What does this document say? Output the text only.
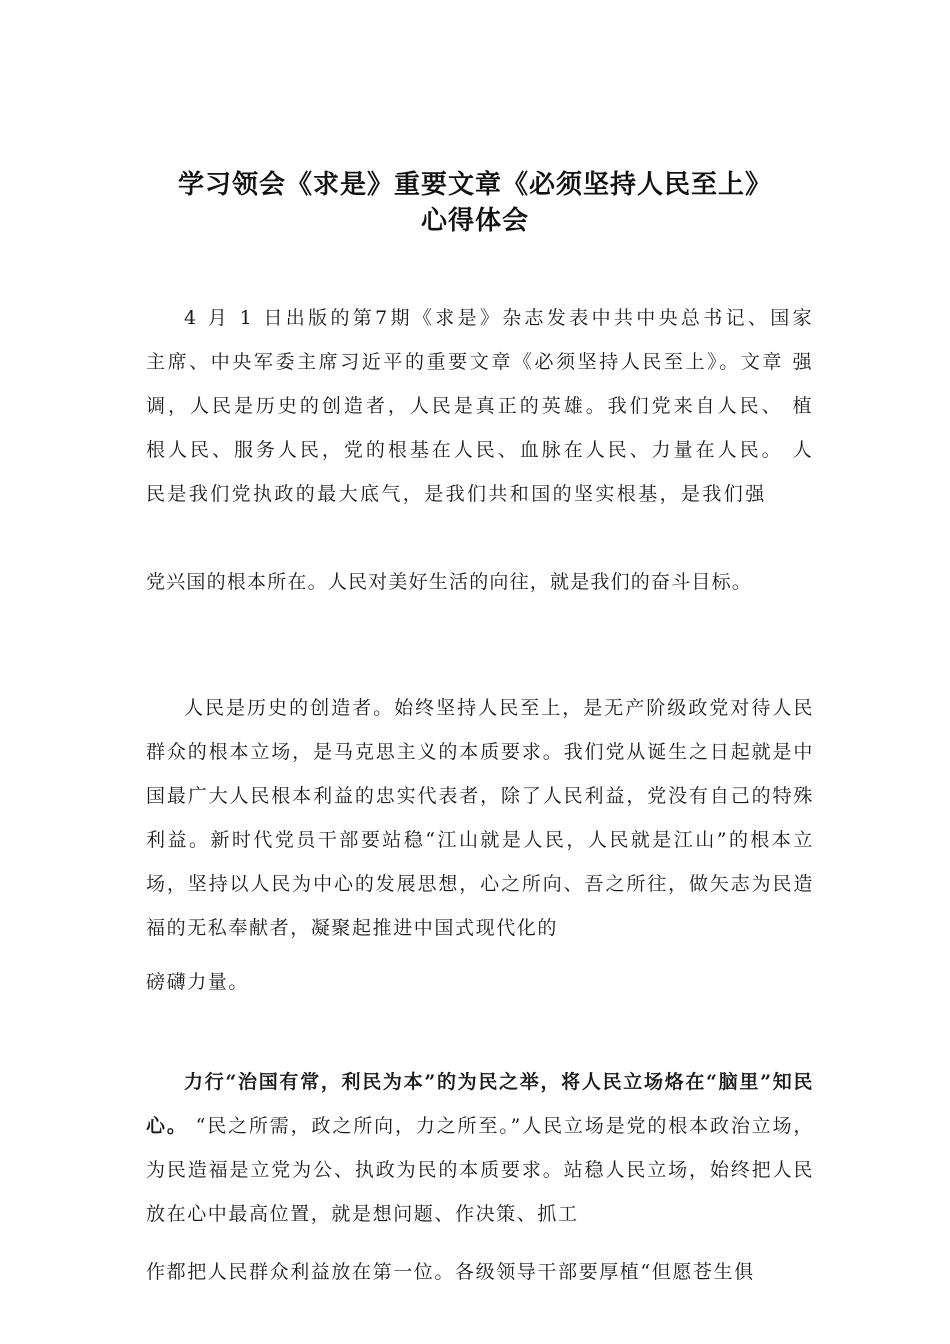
学习领会《求是》重要文章《必须坚持人民至上》
心得体会

4 月 1 日出版的第7期《求是》杂志发表中共中央总书记、国家 主席、中央军委主席习近平的重要文章《必须坚持人民至上》。文章 强调，人民是历史的创造者，人民是真正的英雄。我们党来自人民、 植根人民、服务人民，党的根基在人民、血脉在人民、力量在人民。 人民是我们党执政的最大底气，是我们共和国的坚实根基，是我们强

党兴国的根本所在。人民对美好生活的向往，就是我们的奋斗目标。

人民是历史的创造者。始终坚持人民至上，是无产阶级政党对待人民群众的根本立场，是马克思主义的本质要求。我们党从诞生之日起就是中国最广大人民根本利益的忠实代表者，除了人民利益，党没有自己的特殊利益。新时代党员干部要站稳“江山就是人民，人民就是江山”的根本立场，坚持以人民为中心的发展思想，心之所向、吾之所往，做矢志为民造福的无私奉献者，凝聚起推进中国式现代化的

磅礴力量。

力行“治国有常，利民为本”的为民之举，将人民立场烙在“脑里”知民心。 “民之所需，政之所向，力之所至。”人民立场是党的根本政治立场，为民造福是立党为公、执政为民的本质要求。站稳人民立场，始终把人民放在心中最高位置，就是想问题、作决策、抓工

作都把人民群众利益放在第一位。各级领导干部要厚植“但愿苍生俱
